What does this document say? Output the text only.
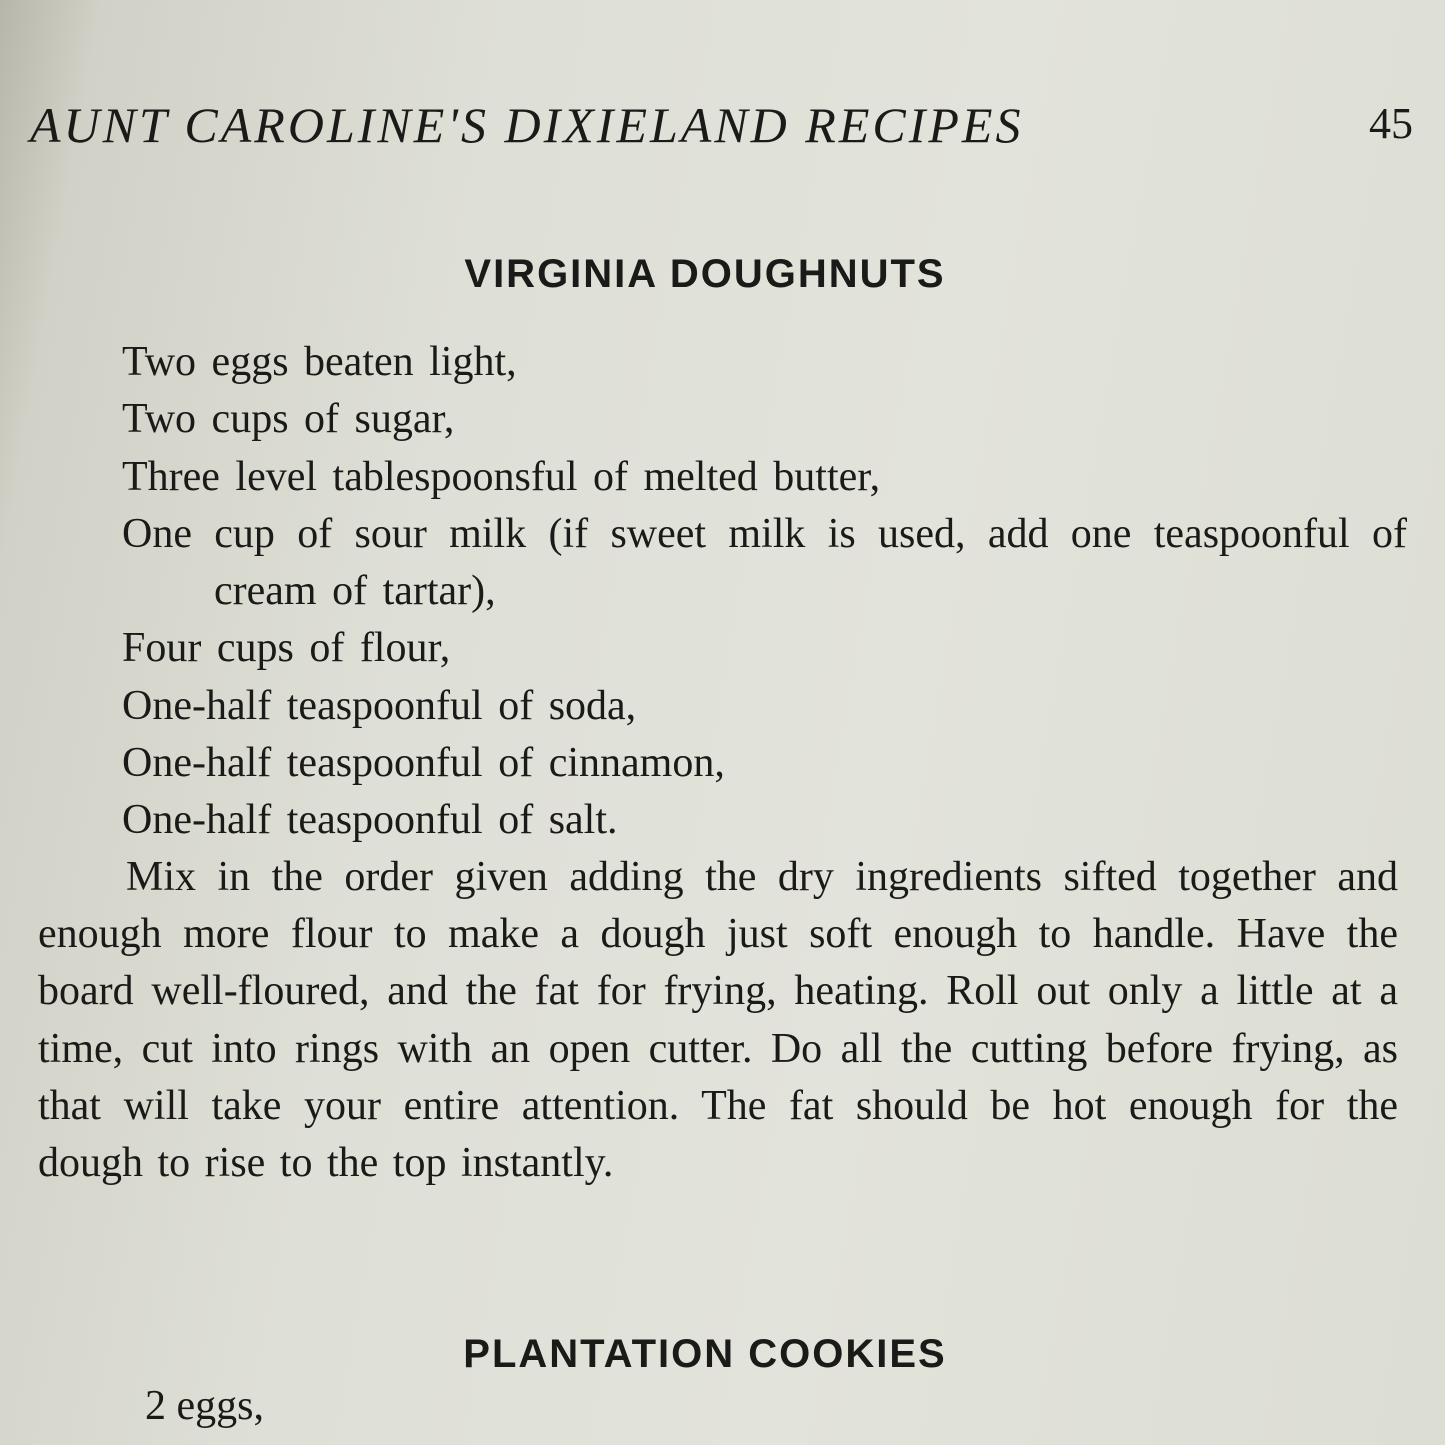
AUNT CAROLINE'S DIXIELAND RECIPES	45
VIRGINIA DOUGHNUTS
Two eggs beaten light,
Two cups of sugar,
Three level tablespoonsful of melted butter,
One cup of sour milk (if sweet milk is used, add one teaspoonful of cream of tartar),
Four cups of flour,
One-half teaspoonful of soda,
One-half teaspoonful of cinnamon,
One-half teaspoonful of salt.

Mix in the order given adding the dry ingredients sifted together and enough more flour to make a dough just soft enough to handle. Have the board well-floured, and the fat for frying, heating. Roll out only a little at a time, cut into rings with an open cutter. Do all the cutting before frying, as that will take your entire attention. The fat should be hot enough for the dough to rise to the top instantly.

PLANTATION COOKIES
2 eggs,
